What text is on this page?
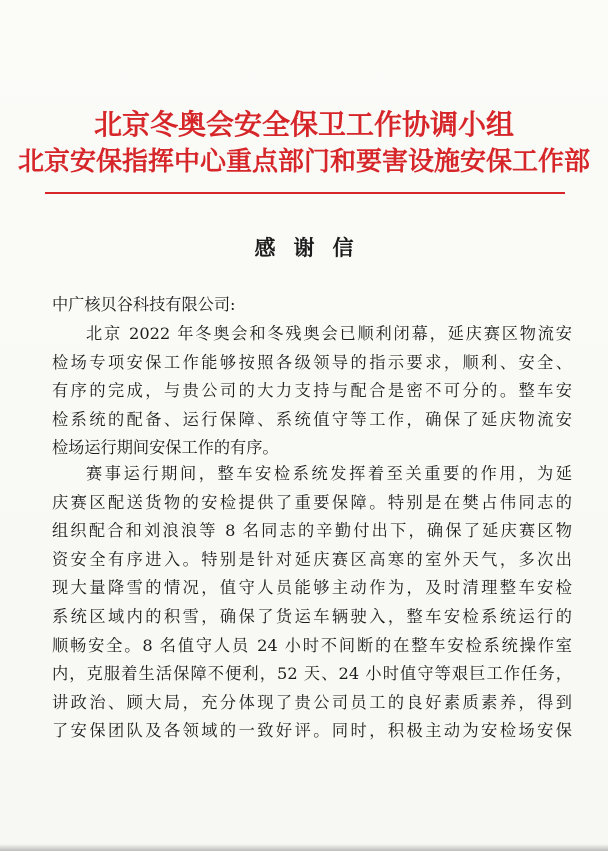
北京冬奥会安全保卫工作协调小组
北京安保指挥中心重点部门和要害设施安保工作部
感谢信
中广核贝谷科技有限公司:
北京 2022 年冬奥会和冬残奥会已顺利闭幕，延庆赛区物流安
检场专项安保工作能够按照各级领导的指示要求，顺利、安全、
有序的完成，与贵公司的大力支持与配合是密不可分的。整车安
检系统的配备、运行保障、系统值守等工作，确保了延庆物流安
检场运行期间安保工作的有序。
赛事运行期间，整车安检系统发挥着至关重要的作用，为延
庆赛区配送货物的安检提供了重要保障。特别是在樊占伟同志的
组织配合和刘浪浪等 8 名同志的辛勤付出下，确保了延庆赛区物
资安全有序进入。特别是针对延庆赛区高寒的室外天气，多次出
现大量降雪的情况，值守人员能够主动作为，及时清理整车安检
系统区域内的积雪，确保了货运车辆驶入，整车安检系统运行的
顺畅安全。8 名值守人员 24 小时不间断的在整车安检系统操作室
内，克服着生活保障不便利，52 天、24 小时值守等艰巨工作任务，
讲政治、顾大局，充分体现了贵公司员工的良好素质素养，得到
了安保团队及各领域的一致好评。同时，积极主动为安检场安保
